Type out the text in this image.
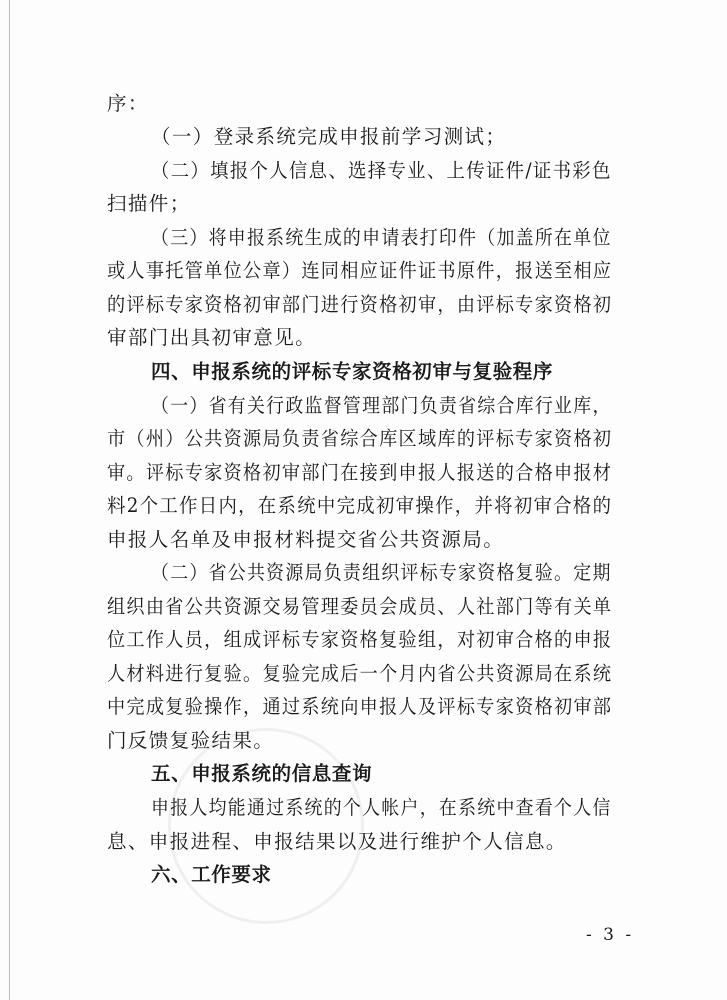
序：
（一）登录系统完成申报前学习测试；
（二）填报个人信息、选择专业、上传证件/证书彩色
扫描件；
（三）将申报系统生成的申请表打印件（加盖所在单位
或人事托管单位公章）连同相应证件证书原件，报送至相应
的评标专家资格初审部门进行资格初审，由评标专家资格初
审部门出具初审意见。
四、申报系统的评标专家资格初审与复验程序
（一）省有关行政监督管理部门负责省综合库行业库，
市（州）公共资源局负责省综合库区域库的评标专家资格初
审。评标专家资格初审部门在接到申报人报送的合格申报材
料2个工作日内，在系统中完成初审操作，并将初审合格的
申报人名单及申报材料提交省公共资源局。
（二）省公共资源局负责组织评标专家资格复验。定期
组织由省公共资源交易管理委员会成员、人社部门等有关单
位工作人员，组成评标专家资格复验组，对初审合格的申报
人材料进行复验。复验完成后一个月内省公共资源局在系统
中完成复验操作，通过系统向申报人及评标专家资格初审部
门反馈复验结果。
五、申报系统的信息查询
申报人均能通过系统的个人帐户，在系统中查看个人信
息、申报进程、申报结果以及进行维护个人信息。
六、工作要求
- 3 -
